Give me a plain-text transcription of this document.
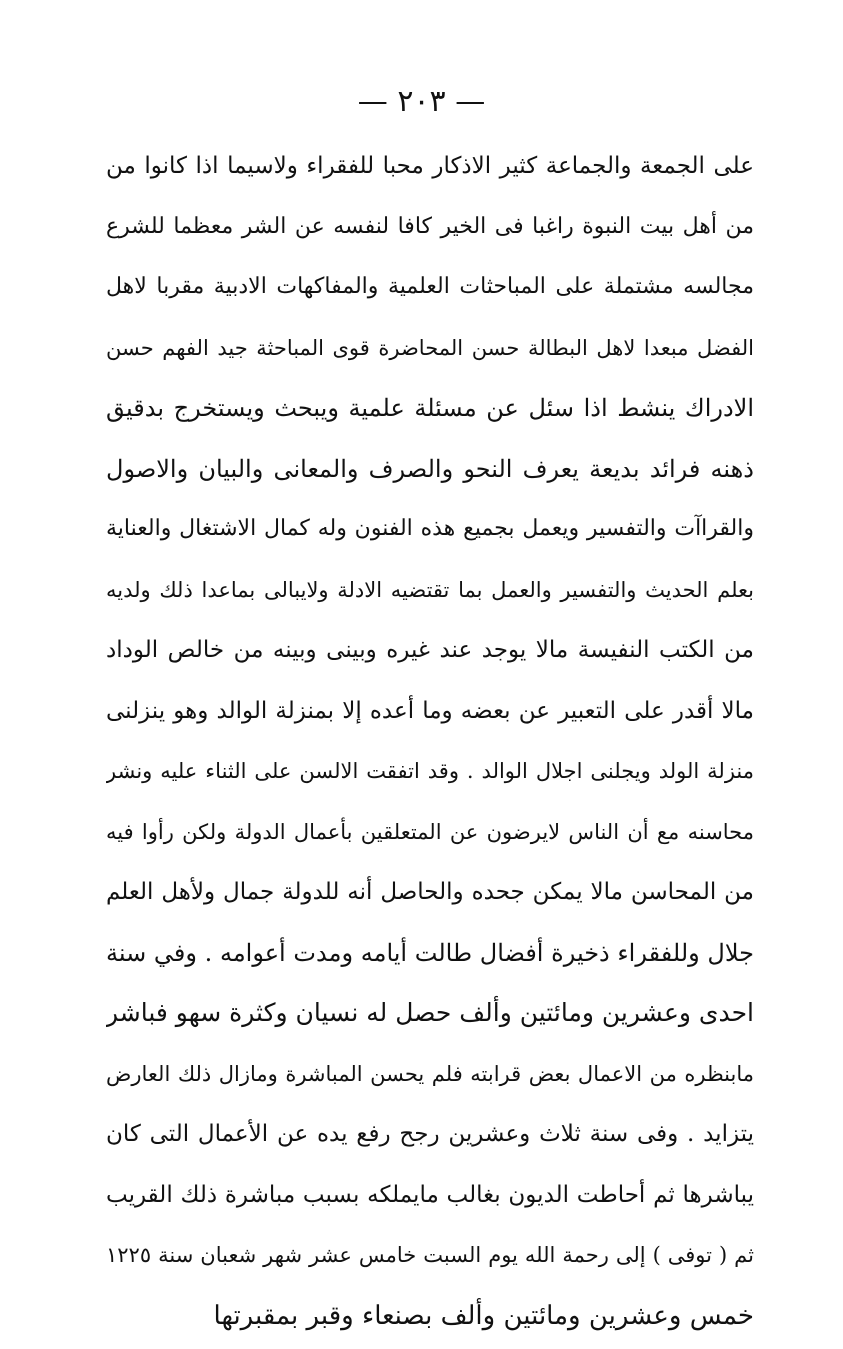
— ٢٠٣ —
على الجمعة والجماعة كثير الاذكار محبا للفقراء ولاسيما اذا كانوا من
من أهل بيت النبوة راغبا فى الخير كافا لنفسه عن الشر معظما للشرع
مجالسه مشتملة على المباحثات العلمية والمفاكهات الادبية مقربا لاهل
الفضل مبعدا لاهل البطالة حسن المحاضرة قوى المباحثة جيد الفهم حسن
الادراك ينشط اذا سئل عن مسئلة علمية ويبحث ويستخرج بدقيق
ذهنه فرائد بديعة يعرف النحو والصرف والمعانى والبيان والاصول
والقراآت والتفسير ويعمل بجميع هذه الفنون وله كمال الاشتغال والعناية
بعلم الحديث والتفسير والعمل بما تقتضيه الادلة ولايبالى بماعدا ذلك ولديه
من الكتب النفيسة مالا يوجد عند غيره وبينى وبينه من خالص الوداد
مالا أقدر على التعبير عن بعضه وما أعده إلا بمنزلة الوالد وهو ينزلنى
منزلة الولد ويجلنى اجلال الوالد . وقد اتفقت الالسن على الثناء عليه ونشر
محاسنه مع أن الناس لايرضون عن المتعلقين بأعمال الدولة ولكن رأوا فيه
من المحاسن مالا يمكن جحده والحاصل أنه للدولة جمال ولأهل العلم
جلال وللفقراء ذخيرة أفضال طالت أيامه ومدت أعوامه . وفي سنة
احدى وعشرين ومائتين وألف حصل له نسيان وكثرة سهو فباشر
مابنظره من الاعمال بعض قرابته فلم يحسن المباشرة ومازال ذلك العارض
يتزايد . وفى سنة ثلاث وعشرين رجح رفع يده عن الأعمال التى كان
يباشرها ثم أحاطت الديون بغالب مايملكه بسبب مباشرة ذلك القريب
ثم ( توفى ) إلى رحمة الله يوم السبت خامس عشر شهر شعبان سنة ١٢٢٥
خمس وعشرين ومائتين وألف بصنعاء وقبر بمقبرتها
